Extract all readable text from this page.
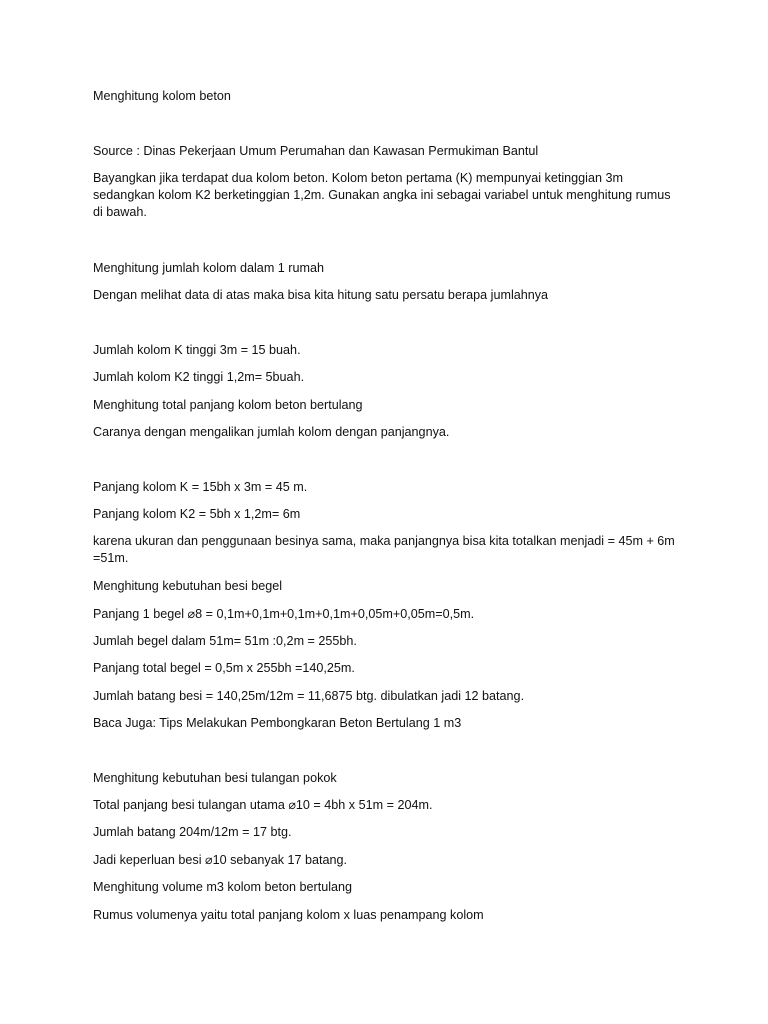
Menghitung kolom beton

Source : Dinas Pekerjaan Umum Perumahan dan Kawasan Permukiman Bantul

Bayangkan jika terdapat dua kolom beton. Kolom beton pertama (K) mempunyai ketinggian 3m sedangkan kolom K2 berketinggian 1,2m. Gunakan angka ini sebagai variabel untuk menghitung rumus di bawah.

Menghitung jumlah kolom dalam 1 rumah

Dengan melihat data di atas maka bisa kita hitung satu persatu berapa jumlahnya

Jumlah kolom K tinggi 3m = 15 buah.

Jumlah kolom K2 tinggi 1,2m= 5buah.

Menghitung total panjang kolom beton bertulang

Caranya dengan mengalikan jumlah kolom dengan panjangnya.

Panjang kolom K = 15bh x 3m = 45 m.

Panjang kolom K2 = 5bh x 1,2m= 6m

karena ukuran dan penggunaan besinya sama, maka panjangnya bisa kita totalkan menjadi = 45m + 6m =51m.

Menghitung kebutuhan besi begel

Panjang 1 begel ⌀8 = 0,1m+0,1m+0,1m+0,1m+0,05m+0,05m=0,5m.

Jumlah begel dalam 51m= 51m :0,2m = 255bh.

Panjang total begel = 0,5m x 255bh =140,25m.

Jumlah batang besi = 140,25m/12m = 11,6875 btg. dibulatkan jadi 12 batang.

Baca Juga: Tips Melakukan Pembongkaran Beton Bertulang 1 m3

Menghitung kebutuhan besi tulangan pokok

Total panjang besi tulangan utama ⌀10 = 4bh x 51m = 204m.

Jumlah batang 204m/12m = 17 btg.

Jadi keperluan besi ⌀10 sebanyak 17 batang.

Menghitung volume m3 kolom beton bertulang

Rumus volumenya yaitu total panjang kolom x luas penampang kolom
